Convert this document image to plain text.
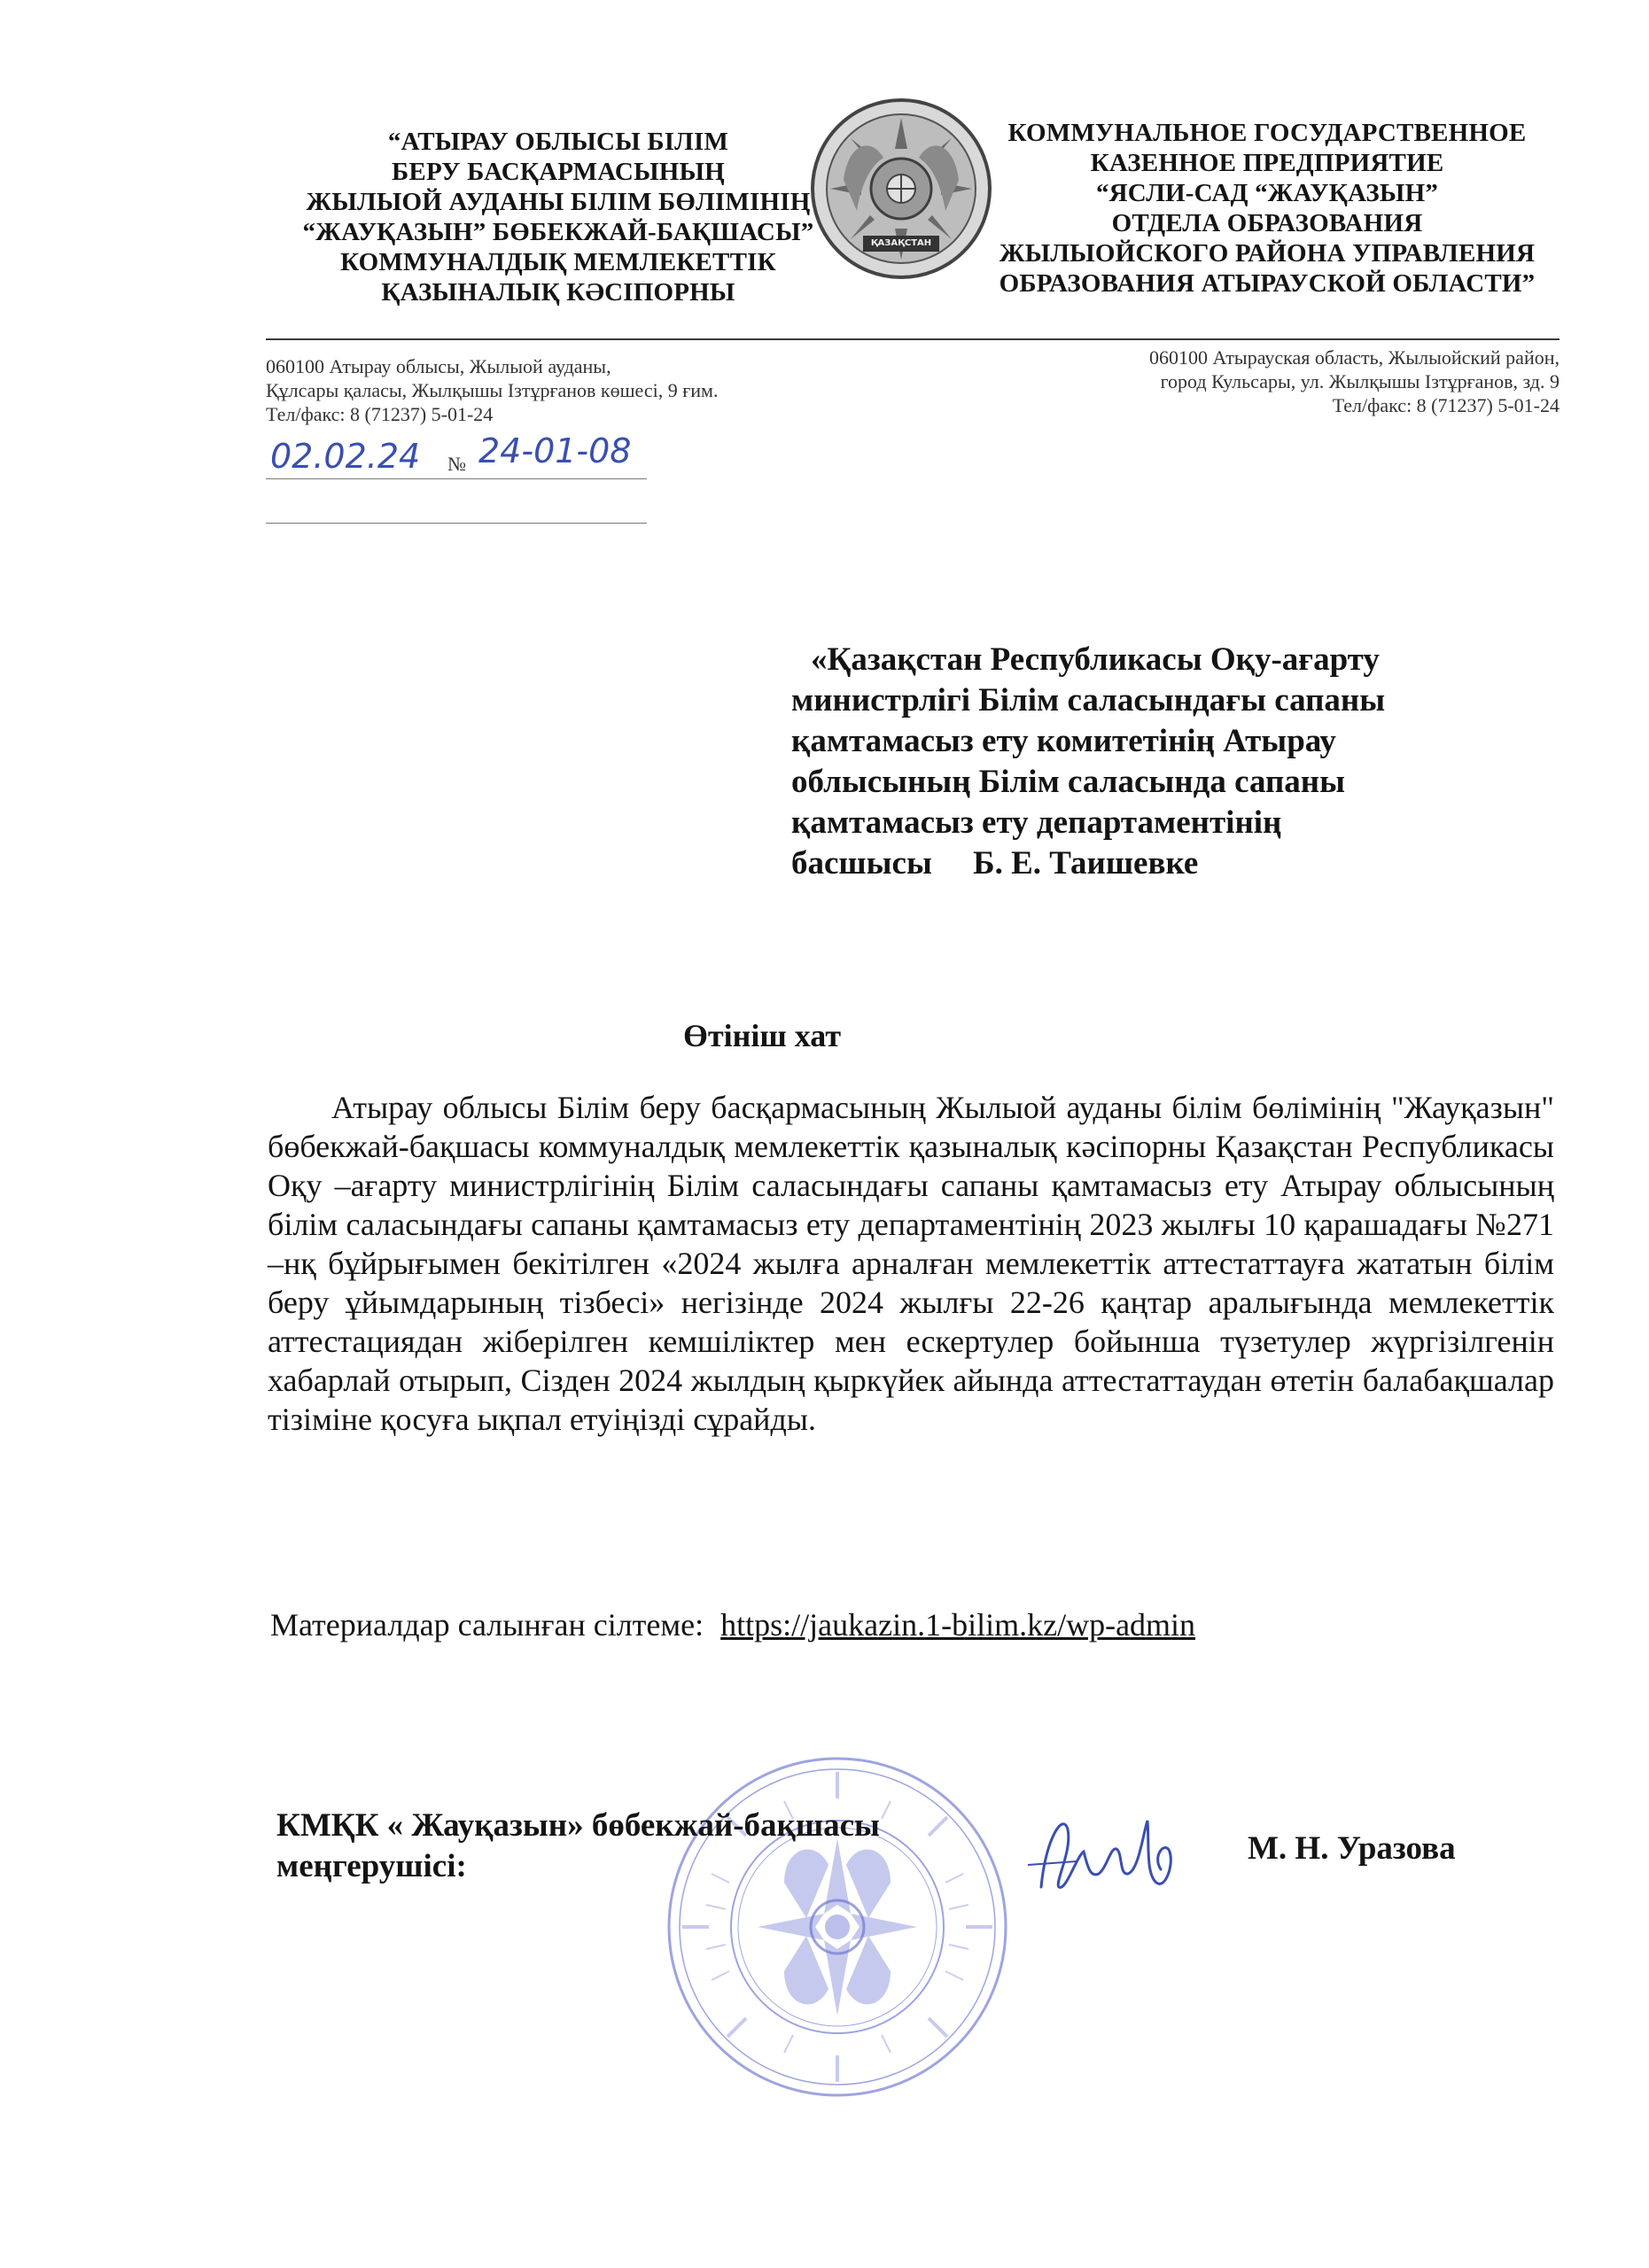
“АТЫРАУ ОБЛЫСЫ БІЛІМ
БЕРУ БАСҚАРМАСЫНЫҢ
ЖЫЛЫОЙ АУДАНЫ БІЛІМ БӨЛІМІНІҢ
“ЖАУҚАЗЫН” БӨБЕКЖАЙ-БАҚШАСЫ”
КОММУНАЛДЫҚ МЕМЛЕКЕТТІК
ҚАЗЫНАЛЫҚ КӘСІПОРНЫ
ҚАЗАҚСТАН
КОММУНАЛЬНОЕ ГОСУДАРСТВЕННОЕ
КАЗЕННОЕ ПРЕДПРИЯТИЕ
“ЯСЛИ-САД “ЖАУҚАЗЫН”
ОТДЕЛА ОБРАЗОВАНИЯ
ЖЫЛЫОЙСКОГО РАЙОНА УПРАВЛЕНИЯ
ОБРАЗОВАНИЯ АТЫРАУСКОЙ ОБЛАСТИ”
060100 Атырау облысы, Жылыой ауданы,
Құлсары қаласы, Жылқышы Ізтұрғанов көшесі, 9 ғим.
Тел/факс: 8 (71237) 5-01-24
060100 Атырауская область, Жылыойский район,
город Кульсары, ул. Жылқышы Ізтұрғанов, зд. 9
Тел/факс: 8 (71237) 5-01-24
02.02.24 № 24-01-08
«Қазақстан Республикасы Оқу-ағарту
министрлігі Білім саласындағы сапаны
қамтамасыз ету комитетінің Атырау
облысының Білім саласында сапаны
қамтамасыз ету департаментінің
басшысы     Б. Е. Таишевке
Өтініш хат
Атырау облысы Білім беру басқармасының Жылыой ауданы білім бөлімінің "Жауқазын" бөбекжай-бақшасы коммуналдық мемлекеттік қазыналық кәсіпорны Қазақстан Республикасы Оқу –ағарту министрлігінің Білім саласындағы сапаны қамтамасыз ету Атырау облысының білім саласындағы сапаны қамтамасыз ету департаментінің 2023 жылғы 10 қарашадағы №271 –нқ бұйрығымен бекітілген «2024 жылға арналған мемлекеттік аттестаттауға жататын білім беру ұйымдарының тізбесі» негізінде 2024 жылғы 22-26 қаңтар аралығында мемлекеттік аттестациядан жіберілген кемшіліктер мен ескертулер бойынша түзетулер жүргізілгенін хабарлай отырып, Сізден 2024 жылдың қыркүйек айында аттестаттаудан өтетін балабақшалар тізіміне қосуға ықпал етуіңізді сұрайды.
Материалдар салынған сілтеме: https://jaukazin.1-bilim.kz/wp-admin
КМҚК « Жауқазын» бөбекжай-бақшасы
меңгерушісі:	М. Н. Уразова
